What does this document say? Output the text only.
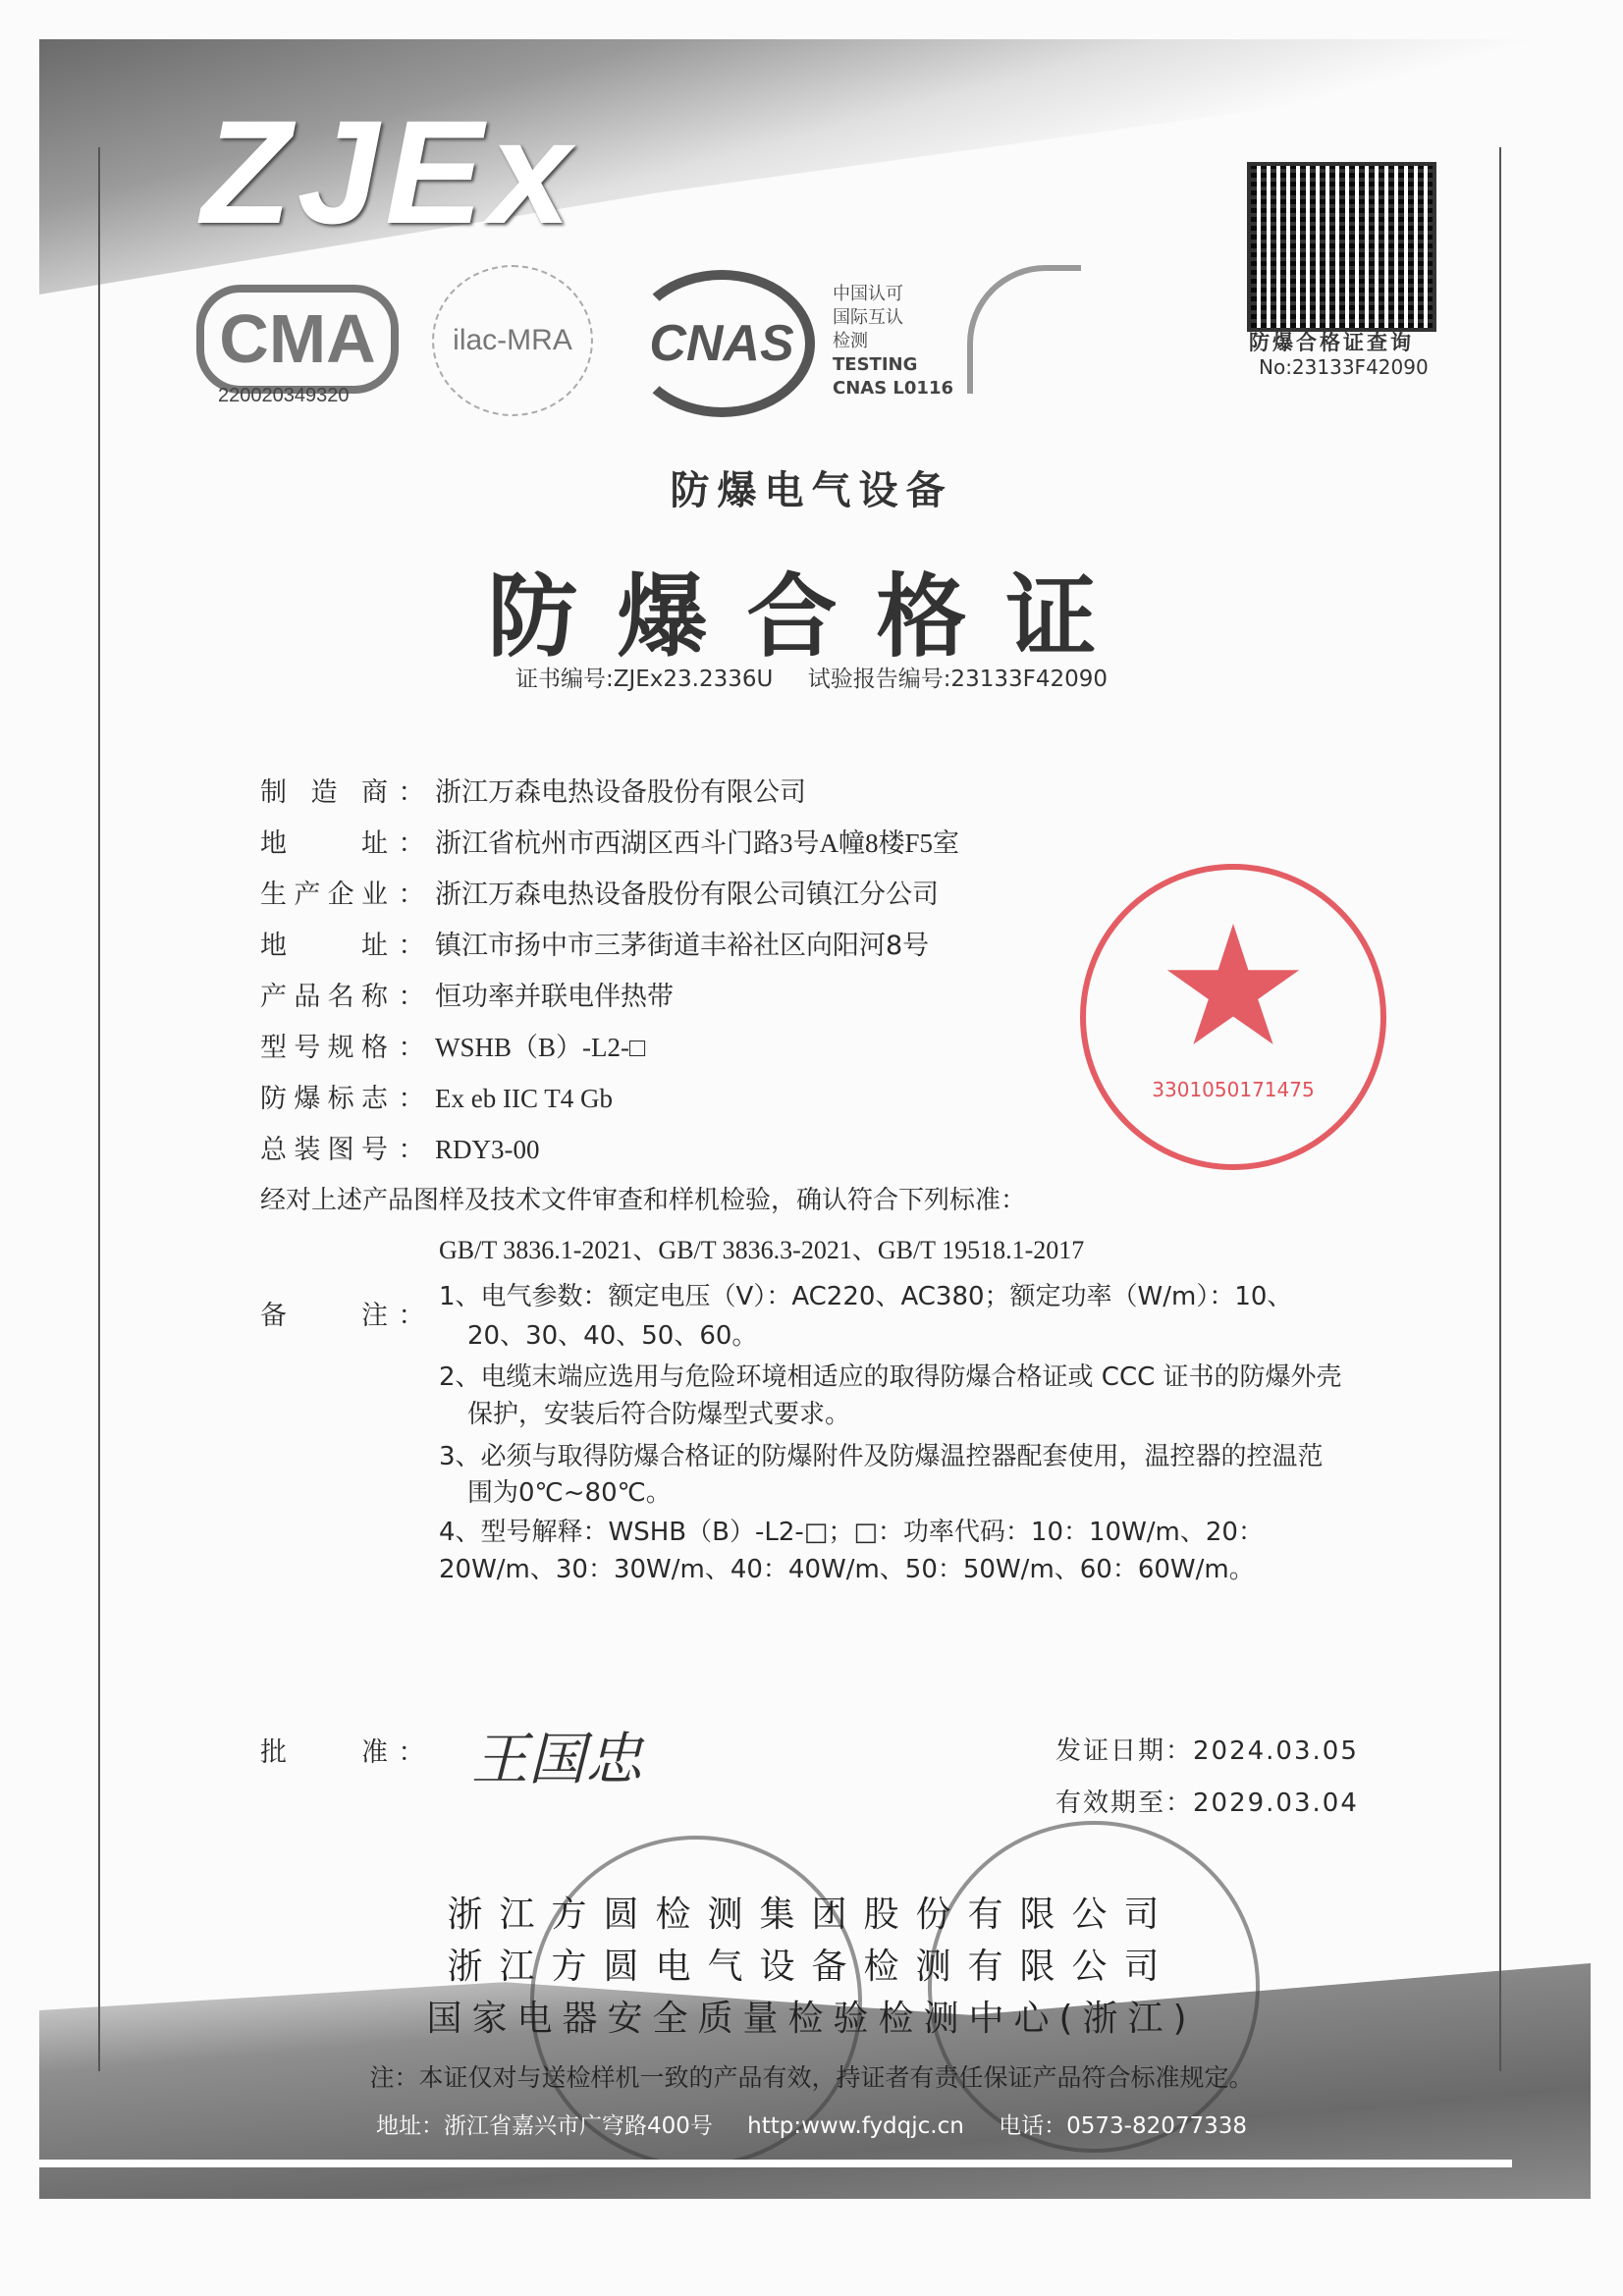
ZJEx
CMA
220020349320
ilac-MRA	CNAS
中国认可
国际互认
检测
TESTING
CNAS L0116
防爆合格证查询
No:23133F42090
防爆电气设备
防爆合格证
证书编号:ZJEx23.2336U 试验报告编号:23133F42090
制造商 ： 浙江万森电热设备股份有限公司
地址 ： 浙江省杭州市西湖区西斗门路3号A幢8楼F5室
生产企业 ： 浙江万森电热设备股份有限公司镇江分公司
地址 ： 镇江市扬中市三茅街道丰裕社区向阳河8号
产品名称 ： 恒功率并联电伴热带
型号规格 ： WSHB（B）-L2-□
防爆标志 ： Ex eb IIC T4 Gb
总装图号 ： RDY3-00
3301050171475
经对上述产品图样及技术文件审查和样机检验，确认符合下列标准：
GB/T 3836.1-2021、GB/T 3836.3-2021、GB/T 19518.1-2017
备注 ：
1、电气参数：额定电压（V）：AC220、AC380；额定功率（W/m）：10、
20、30、40、50、60。
2、电缆末端应选用与危险环境相适应的取得防爆合格证或 CCC 证书的防爆外壳
保护，安装后符合防爆型式要求。
3、必须与取得防爆合格证的防爆附件及防爆温控器配套使用，温控器的控温范
围为0℃~80℃。
4、型号解释：WSHB（B）-L2-□；□：功率代码：10：10W/m、20：
20W/m、30：30W/m、40：40W/m、50：50W/m、60：60W/m。
批准 ： 王国忠	发证日期：2024.03.05
有效期至：2029.03.04
浙江方圆检测集团股份有限公司
浙江方圆电气设备检测有限公司
国家电器安全质量检验检测中心(浙江)
注：本证仅对与送检样机一致的产品有效，持证者有责任保证产品符合标准规定。
地址：浙江省嘉兴市广穹路400号 http:www.fydqjc.cn 电话：0573-82077338
